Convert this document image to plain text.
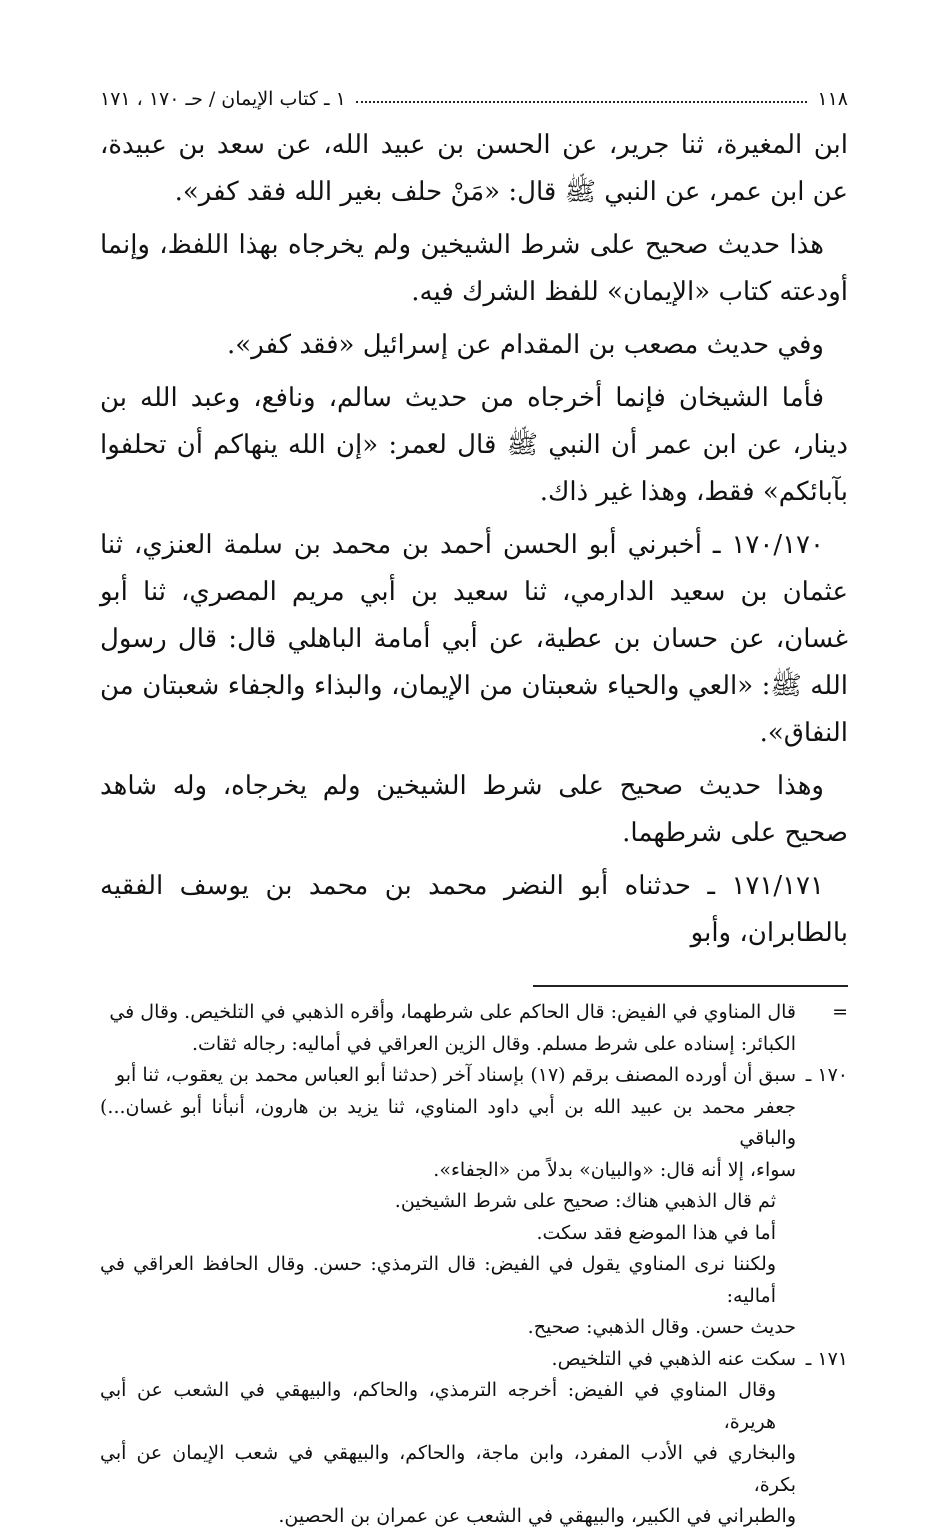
١١٨
١ ـ كتاب الإيمان / حـ ١٧٠ ، ١٧١

ابن المغيرة، ثنا جرير، عن الحسن بن عبيد الله، عن سعد بن عبيدة، عن ابن عمر، عن النبي ﷺ قال: «مَنْ حلف بغير الله فقد كفر».

هذا حديث صحيح على شرط الشيخين ولم يخرجاه بهذا اللفظ، وإنما أودعته كتاب «الإيمان» للفظ الشرك فيه.

وفي حديث مصعب بن المقدام عن إسرائيل «فقد كفر».

فأما الشيخان فإنما أخرجاه من حديث سالم، ونافع، وعبد الله بن دينار، عن ابن عمر أن النبي ﷺ قال لعمر: «إن الله ينهاكم أن تحلفوا بآبائكم» فقط، وهذا غير ذاك.

١٧٠/١٧٠ ـ أخبرني أبو الحسن أحمد بن محمد بن سلمة العنزي، ثنا عثمان بن سعيد الدارمي، ثنا سعيد بن أبي مريم المصري، ثنا أبو غسان، عن حسان بن عطية، عن أبي أمامة الباهلي قال: قال رسول الله ﷺ: «العي والحياء شعبتان من الإيمان، والبذاء والجفاء شعبتان من النفاق».

وهذا حديث صحيح على شرط الشيخين ولم يخرجاه، وله شاهد صحيح على شرطهما.

١٧١/١٧١ ـ حدثناه أبو النضر محمد بن محمد بن يوسف الفقيه بالطابران، وأبو

=
قال المناوي في الفيض: قال الحاكم على شرطهما، وأقره الذهبي في التلخيص. وقال في
الكبائر: إسناده على شرط مسلم. وقال الزين العراقي في أماليه: رجاله ثقات.
١٧٠ ـ
سبق أن أورده المصنف برقم (١٧) بإسناد آخر (حدثنا أبو العباس محمد بن يعقوب، ثنا أبو
جعفر محمد بن عبيد الله بن أبي داود المناوي، ثنا يزيد بن هارون، أنبأنا أبو غسان...) والباقي
سواء، إلا أنه قال: «والبيان» بدلاً من «الجفاء».
ثم قال الذهبي هناك: صحيح على شرط الشيخين.
أما في هذا الموضع فقد سكت.
ولكننا نرى المناوي يقول في الفيض: قال الترمذي: حسن. وقال الحافظ العراقي في أماليه:
حديث حسن. وقال الذهبي: صحيح.
١٧١ ـ
سكت عنه الذهبي في التلخيص.
وقال المناوي في الفيض: أخرجه الترمذي، والحاكم، والبيهقي في الشعب عن أبي هريرة،
والبخاري في الأدب المفرد، وابن ماجة، والحاكم، والبيهقي في شعب الإيمان عن أبي بكرة،
والطبراني في الكبير، والبيهقي في الشعب عن عمران بن الحصين.
